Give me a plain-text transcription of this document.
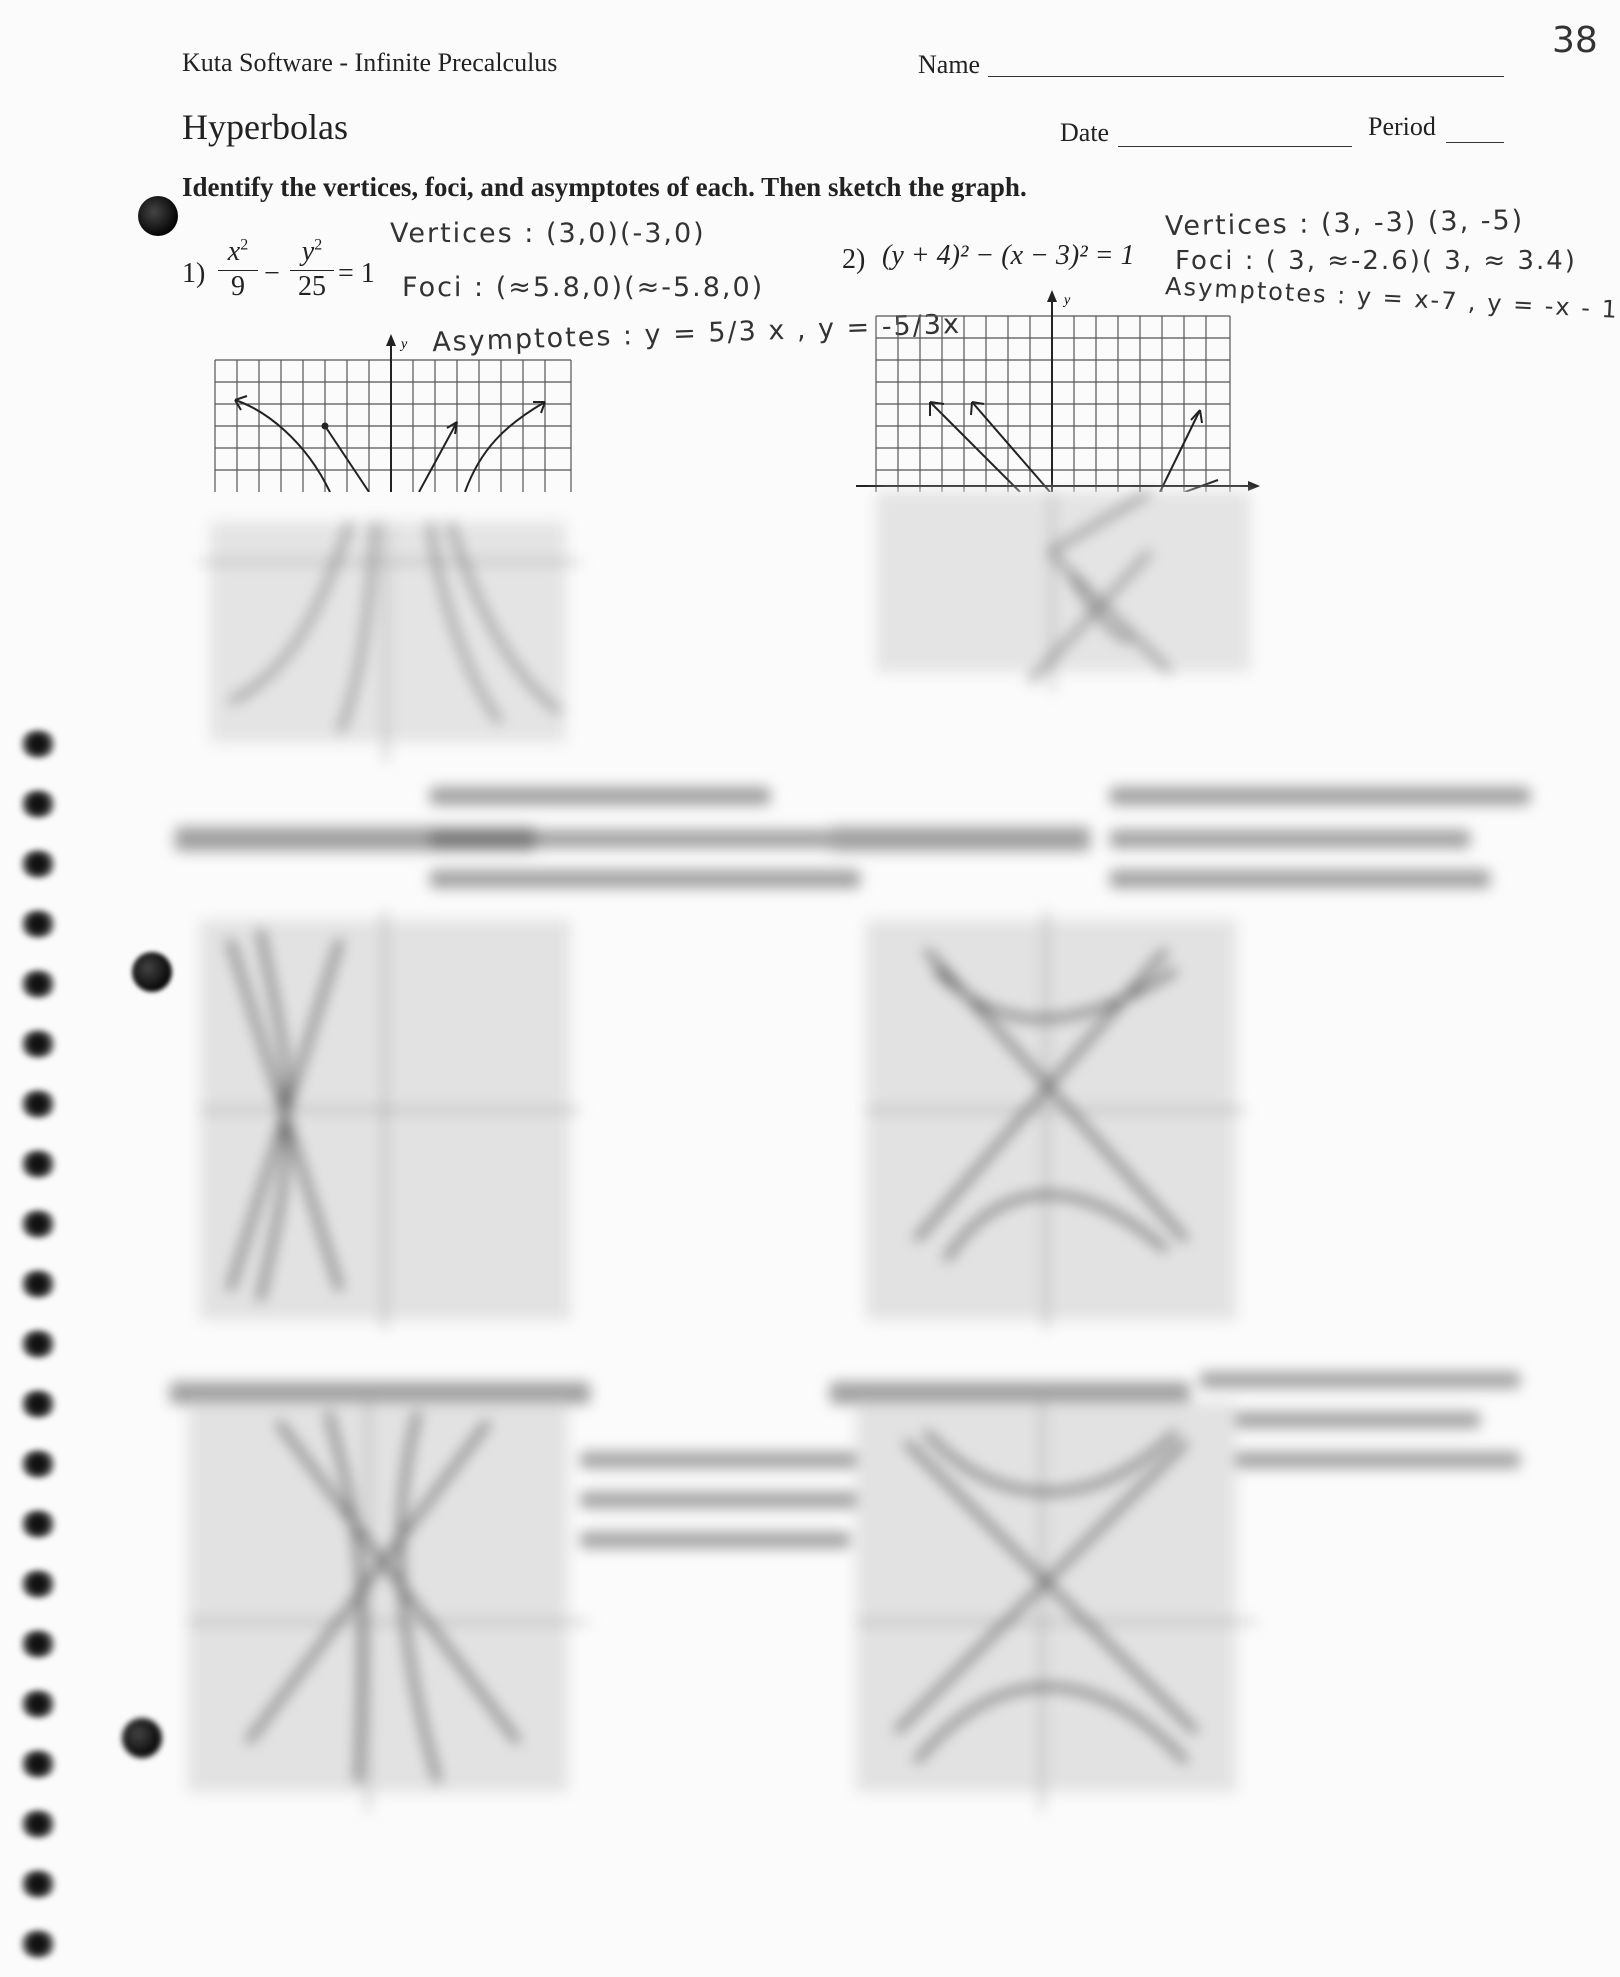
Kuta Software - Infinite Precalculus	Name
38
Hyperbolas	Date	Period
Identify the vertices, foci, and asymptotes of each. Then sketch the graph.
1)
$x^2$
9 −
$y^2$
25 = 1
Vertices : (3,0)(-3,0)
Foci : (≈5.8,0)(≈-5.8,0)
Asymptotes : y = 5/3 x , y = -5/3x
y
2) (y + 4)² − (x − 3)² = 1
Vertices : (3, -3) (3, -5)
Foci : ( 3, ≈-2.6)( 3, ≈ 3.4)
Asymptotes : y = x-7 , y = -x - 1
y
